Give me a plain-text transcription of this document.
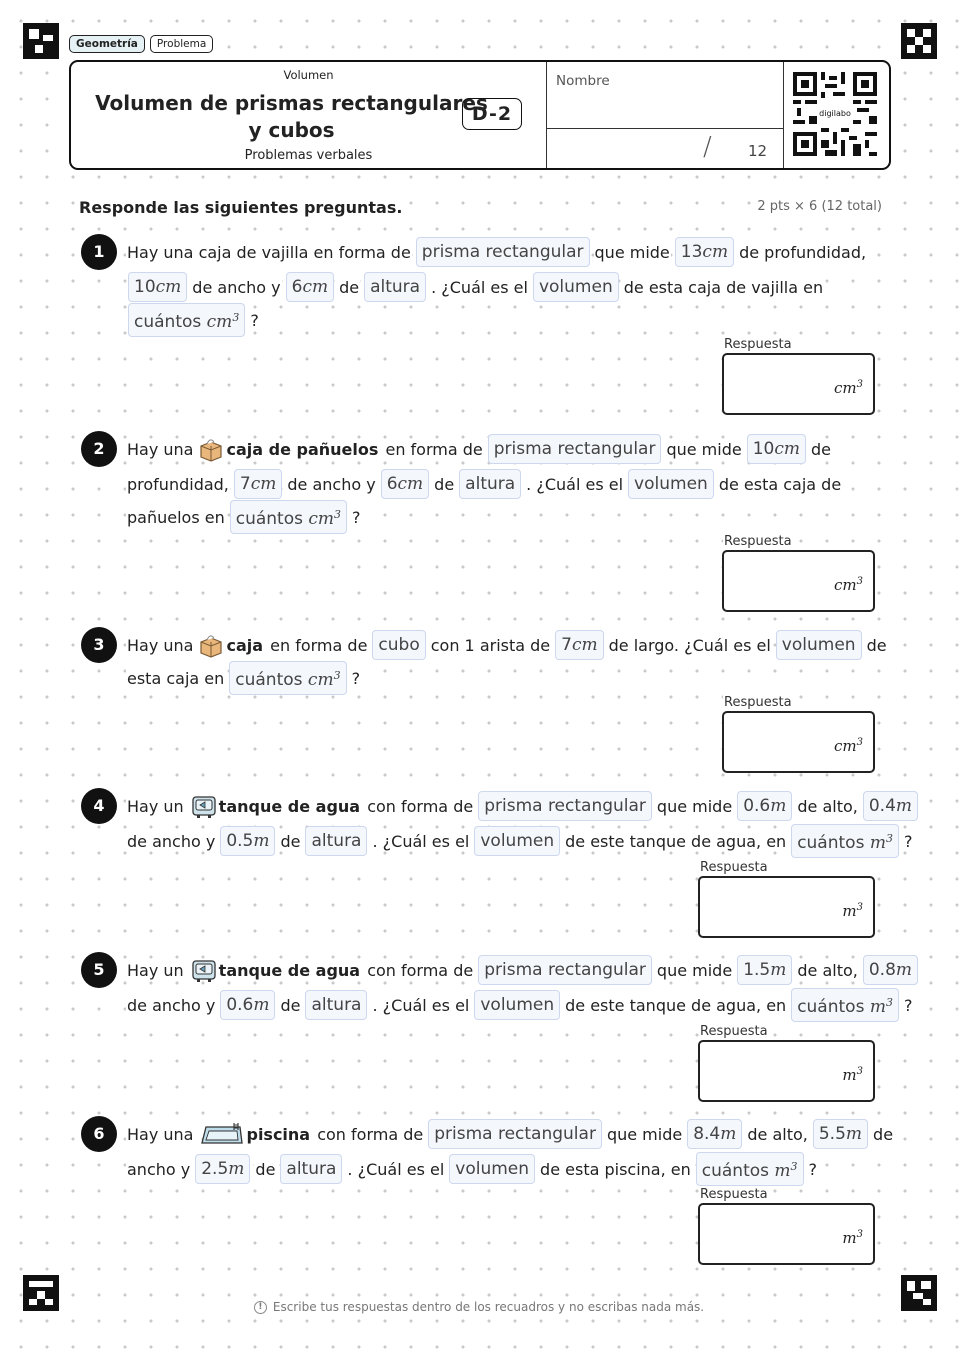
Geometría	Problema
Volumen
Volumen de prismas rectangulares
y cubos
D-2
Problemas verbales
Nombre
/ 12
digilabo
Responde las siguientes preguntas.	2 pts × 6 (12 total)
1	Hay una caja de vajilla en forma de prisma rectangular que mide 13cm de profundidad,
10cm de ancho y 6cm de altura . ¿Cuál es el volumen de esta caja de vajilla en
cuántos $cm^3$ ?
Respuesta
$cm^3$
2	Hay una caja de pañuelos
en forma de prisma rectangular que mide 10cm de
profundidad, 7cm de ancho y 6cm de altura . ¿Cuál es el volumen de esta caja de
pañuelos en cuántos $cm^3$ ?
Respuesta
$cm^3$
3	Hay una caja
en forma de cubo con 1 arista de 7cm de largo. ¿Cuál es el volumen de
esta caja en cuántos $cm^3$ ?
Respuesta
$cm^3$
4	Hay un tanque de agua
con forma de prisma rectangular que mide 0.6m de alto, 0.4m
de ancho y 0.5m de altura . ¿Cuál es el volumen de este tanque de agua, en cuántos $m^3$ ?
Respuesta
$m^3$
5	Hay un tanque de agua
con forma de prisma rectangular que mide 1.5m de alto, 0.8m
de ancho y 0.6m de altura . ¿Cuál es el volumen de este tanque de agua, en cuántos $m^3$ ?
Respuesta
$m^3$
6	Hay una	piscina
con forma de prisma rectangular que mide 8.4m de alto, 5.5m de
ancho y 2.5m de altura . ¿Cuál es el volumen de esta piscina, en cuántos $m^3$ ?
Respuesta
$m^3$
! Escribe tus respuestas dentro de los recuadros y no escribas nada más.
